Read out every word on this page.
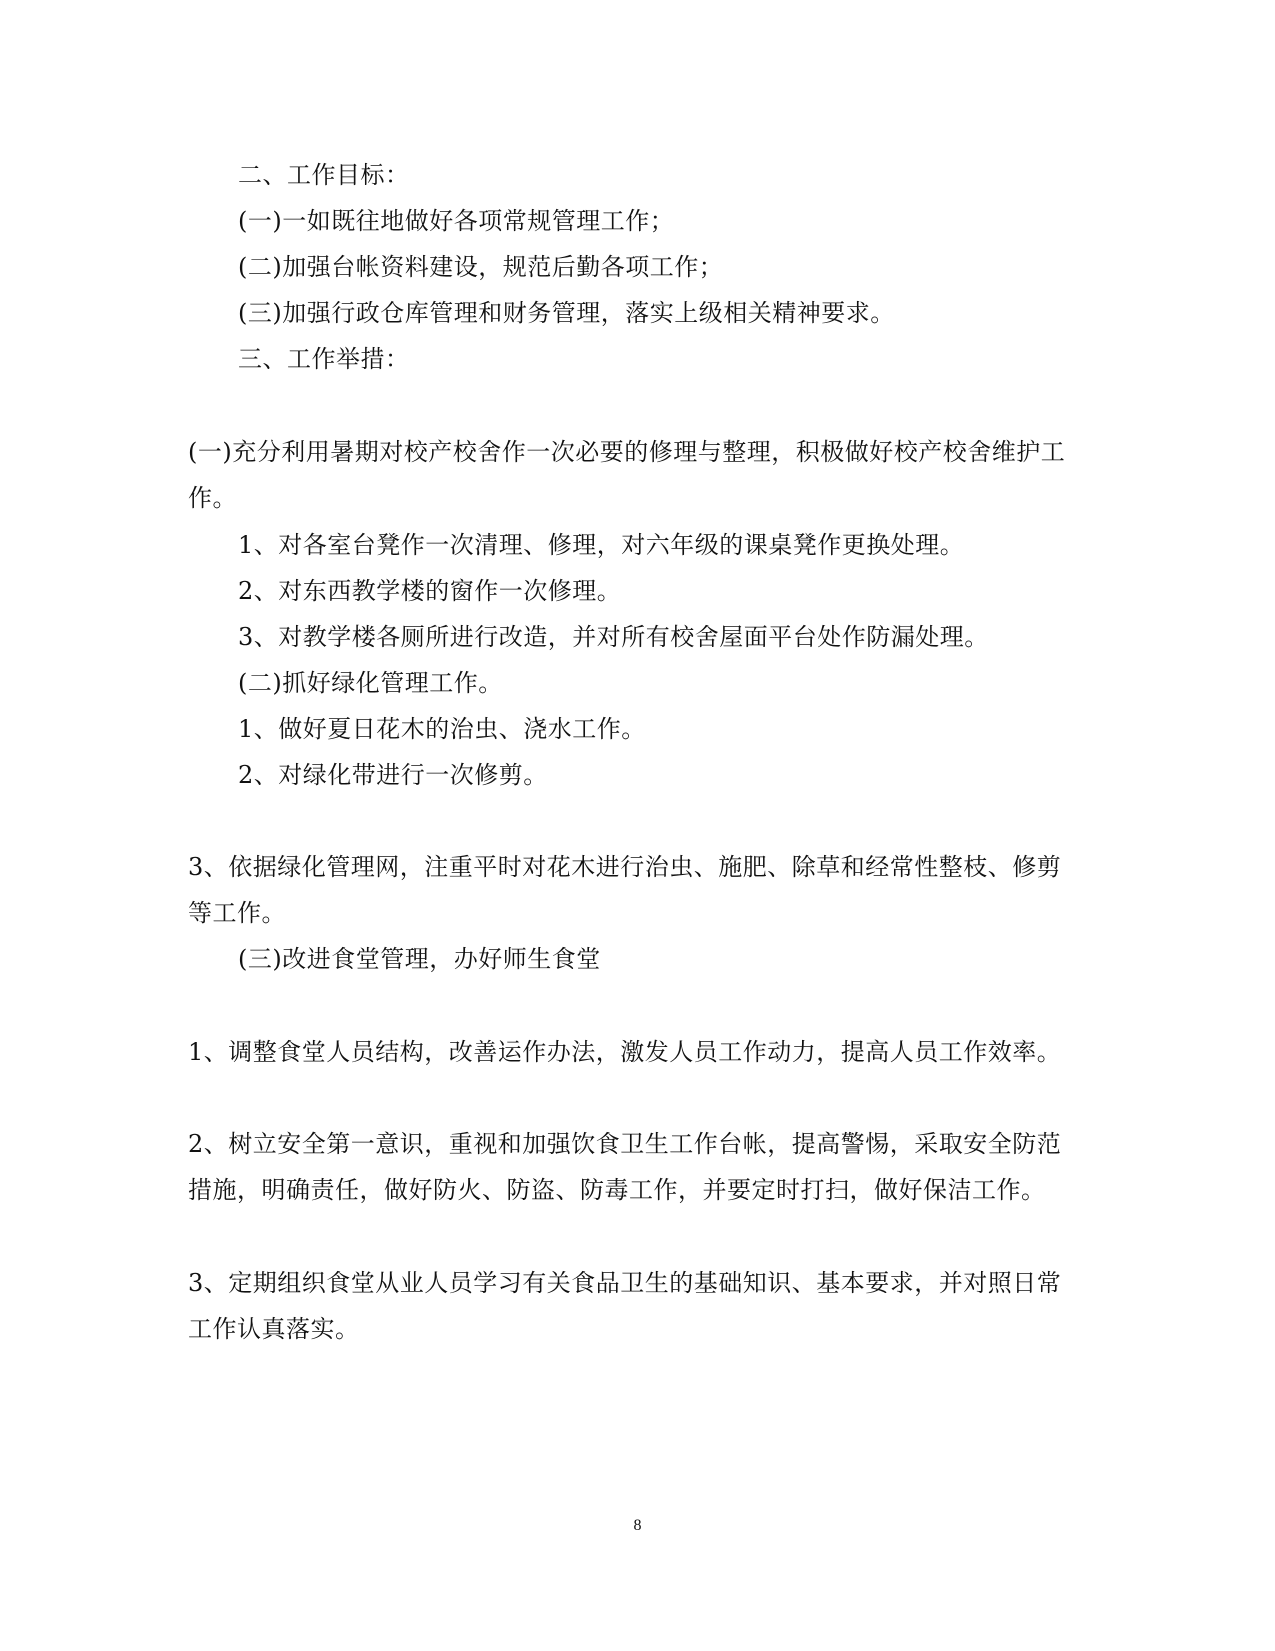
二、工作目标：

(一)一如既往地做好各项常规管理工作；

(二)加强台帐资料建设，规范后勤各项工作；

(三)加强行政仓库管理和财务管理，落实上级相关精神要求。

三、工作举措：

(一)充分利用暑期对校产校舍作一次必要的修理与整理，积极做好校产校舍维护工

作。

1、对各室台凳作一次清理、修理，对六年级的课桌凳作更换处理。

2、对东西教学楼的窗作一次修理。

3、对教学楼各厕所进行改造，并对所有校舍屋面平台处作防漏处理。

(二)抓好绿化管理工作。

1、做好夏日花木的治虫、浇水工作。

2、对绿化带进行一次修剪。

3、依据绿化管理网，注重平时对花木进行治虫、施肥、除草和经常性整枝、修剪

等工作。

(三)改进食堂管理，办好师生食堂

1、调整食堂人员结构，改善运作办法，激发人员工作动力，提高人员工作效率。

2、树立安全第一意识，重视和加强饮食卫生工作台帐，提高警惕，采取安全防范

措施，明确责任，做好防火、防盗、防毒工作，并要定时打扫，做好保洁工作。

3、定期组织食堂从业人员学习有关食品卫生的基础知识、基本要求，并对照日常

工作认真落实。

8
